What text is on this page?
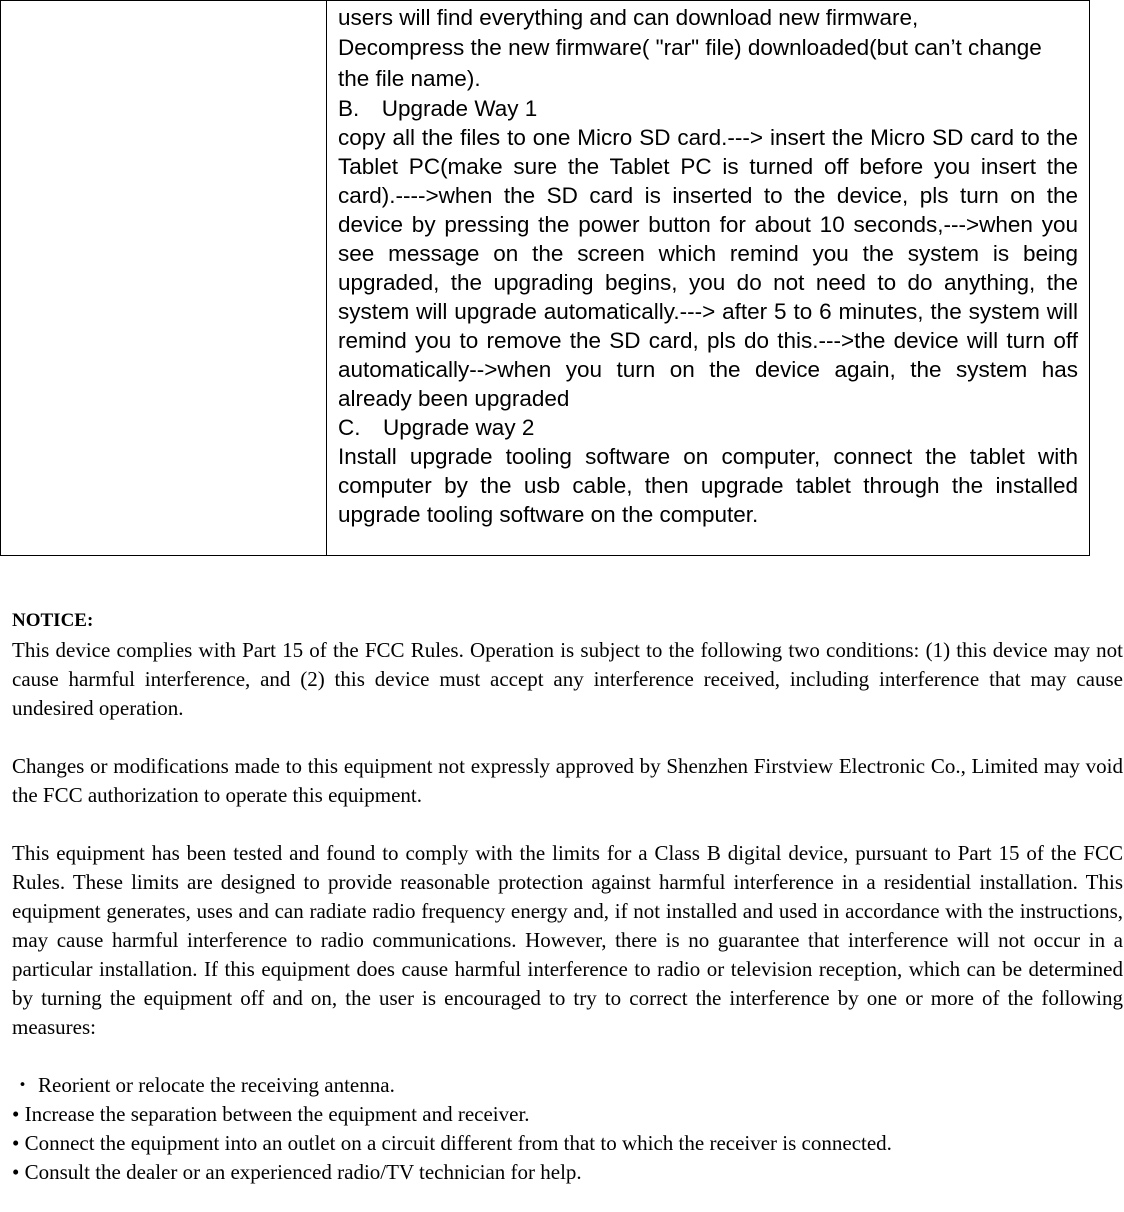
users will find everything and can download new firmware,

Decompress the new firmware( "rar" file) downloaded(but can’t change the file name).

B. Upgrade Way 1

copy all the files to one Micro SD card.---> insert the Micro SD card to the Tablet PC(make sure the Tablet PC is turned off before you insert the card).---->when the SD card is inserted to the device, pls turn on the device by pressing the power button for about 10 seconds,--->when you see message on the screen which remind you the system is being upgraded, the upgrading begins, you do not need to do anything, the system will upgrade automatically.---> after 5 to 6 minutes, the system will remind you to remove the SD card, pls do this.--->the device will turn off automatically-->when you turn on the device again, the system has already been upgraded

C. Upgrade way 2

Install upgrade tooling software on computer, connect the tablet with computer by the usb cable, then upgrade tablet through the installed upgrade tooling software on the computer.

NOTICE:

This device complies with Part 15 of the FCC Rules. Operation is subject to the following two conditions: (1) this device may not cause harmful interference, and (2) this device must accept any interference received, including interference that may cause undesired operation.

Changes or modifications made to this equipment not expressly approved by Shenzhen Firstview Electronic Co., Limited may void the FCC authorization to operate this equipment.

This equipment has been tested and found to comply with the limits for a Class B digital device, pursuant to Part 15 of the FCC Rules. These limits are designed to provide reasonable protection against harmful interference in a residential installation. This equipment generates, uses and can radiate radio frequency energy and, if not installed and used in accordance with the instructions, may cause harmful interference to radio communications. However, there is no guarantee that interference will not occur in a particular installation. If this equipment does cause harmful interference to radio or television reception, which can be determined by turning the equipment off and on, the user is encouraged to try to correct the interference by one or more of the following measures:

・ Reorient or relocate the receiving antenna.

• Increase the separation between the equipment and receiver.

• Connect the equipment into an outlet on a circuit different from that to which the receiver is connected.

• Consult the dealer or an experienced radio/TV technician for help.
